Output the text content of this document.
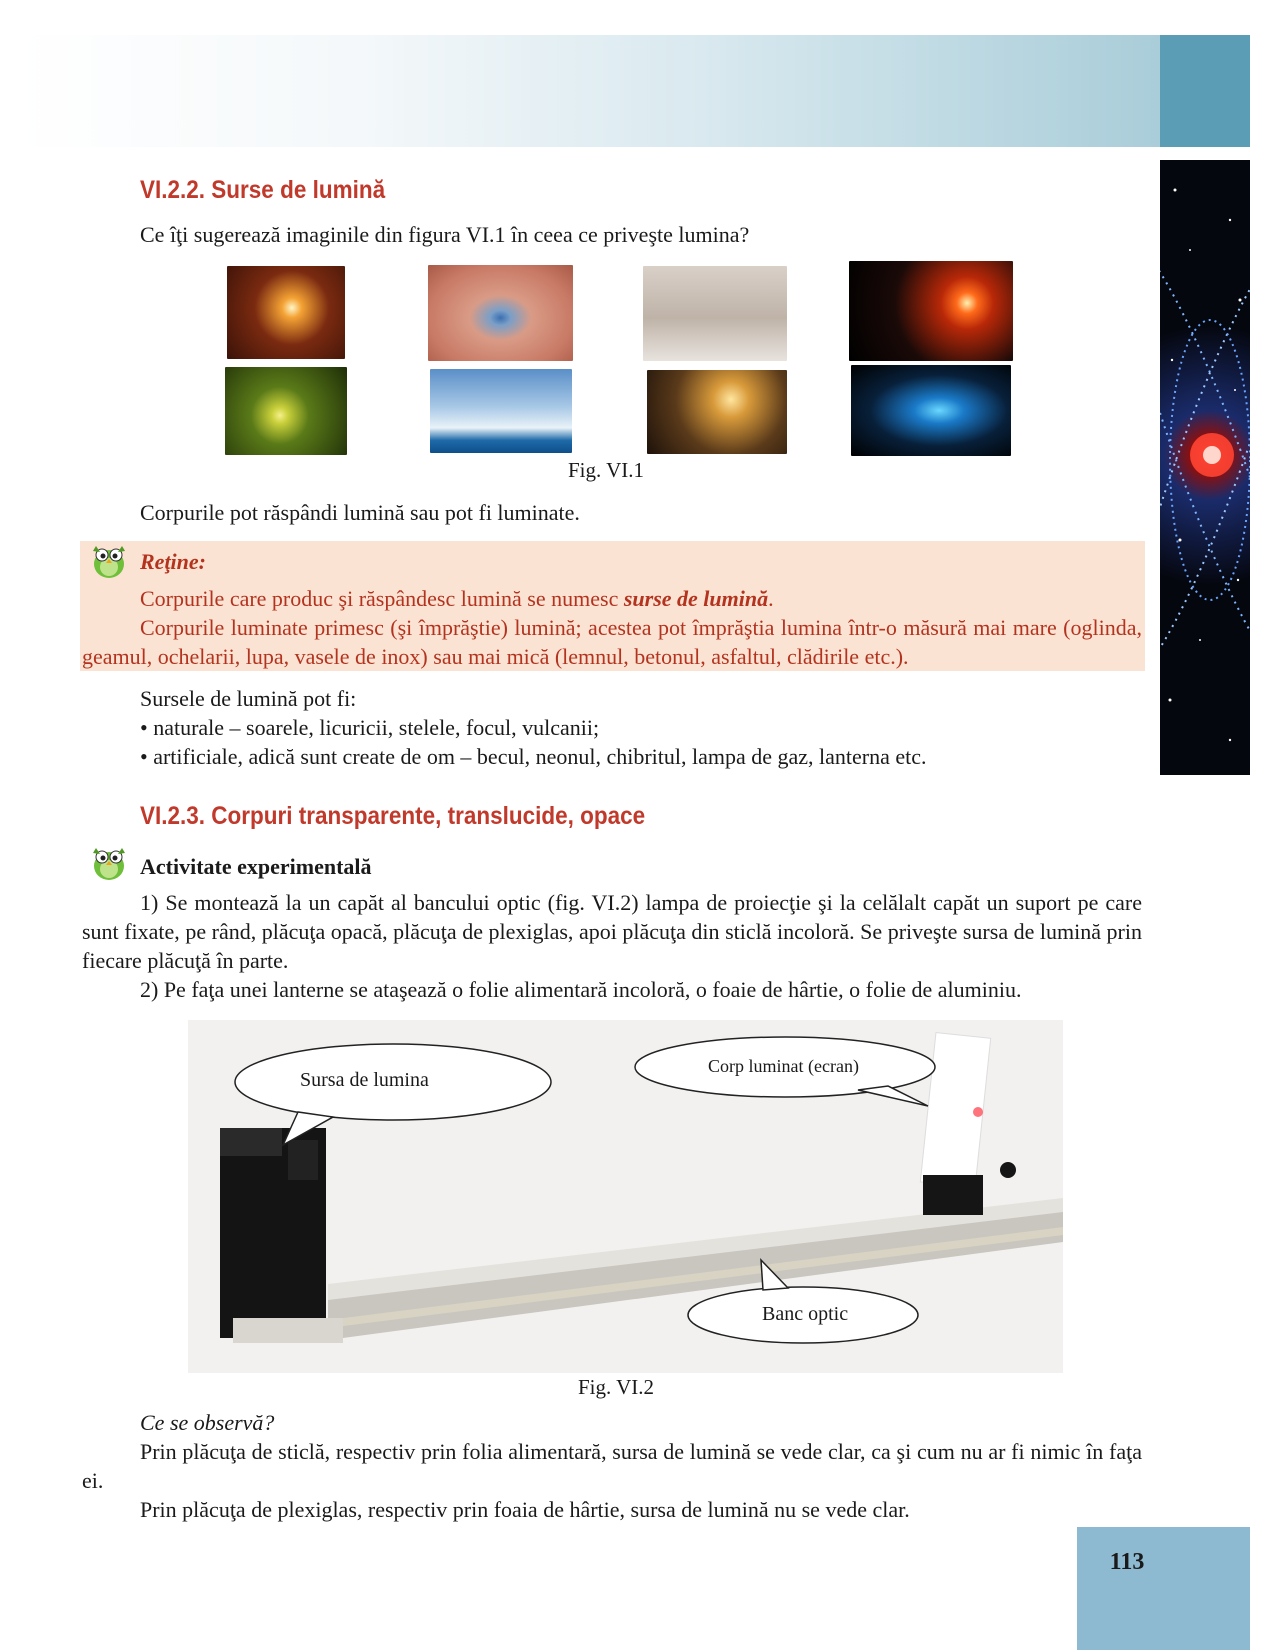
VI.2.2. Surse de lumină
Ce îţi sugerează imaginile din figura VI.1 în ceea ce priveşte lumina?
Fig. VI.1
Corpurile pot răspândi lumină sau pot fi luminate.
Reţine:
Corpurile care produc şi răspândesc lumină se numesc surse de lumină.
Corpurile luminate primesc (şi împrăştie) lumină; acestea pot împrăştia lumina într-o măsură mai mare (oglinda, geamul, ochelarii, lupa, vasele de inox) sau mai mică (lemnul, betonul, asfaltul, clădirile etc.).
Sursele de lumină pot fi:
• naturale – soarele, licuricii, stelele, focul, vulcanii;
• artificiale, adică sunt create de om – becul, neonul, chibritul, lampa de gaz, lanterna etc.
VI.2.3. Corpuri transparente, translucide, opace
Activitate experimentală
1) Se montează la un capăt al bancului optic (fig. VI.2) lampa de proiecţie şi la celălalt capăt un suport pe care sunt fixate, pe rând, plăcuţa opacă, plăcuţa de plexiglas, apoi plăcuţa din sticlă incoloră. Se priveşte sursa de lumină prin fiecare plăcuţă în parte.
2) Pe faţa unei lanterne se ataşează o folie alimentară incoloră, o foaie de hârtie, o folie de aluminiu.
Sursa de lumina
Corp luminat (ecran)
Banc optic
Fig. VI.2
Ce se observă?
Prin plăcuţa de sticlă, respectiv prin folia alimentară, sursa de lumină se vede clar, ca şi cum nu ar fi nimic în faţa ei.
Prin plăcuţa de plexiglas, respectiv prin foaia de hârtie, sursa de lumină nu se vede clar.
113
